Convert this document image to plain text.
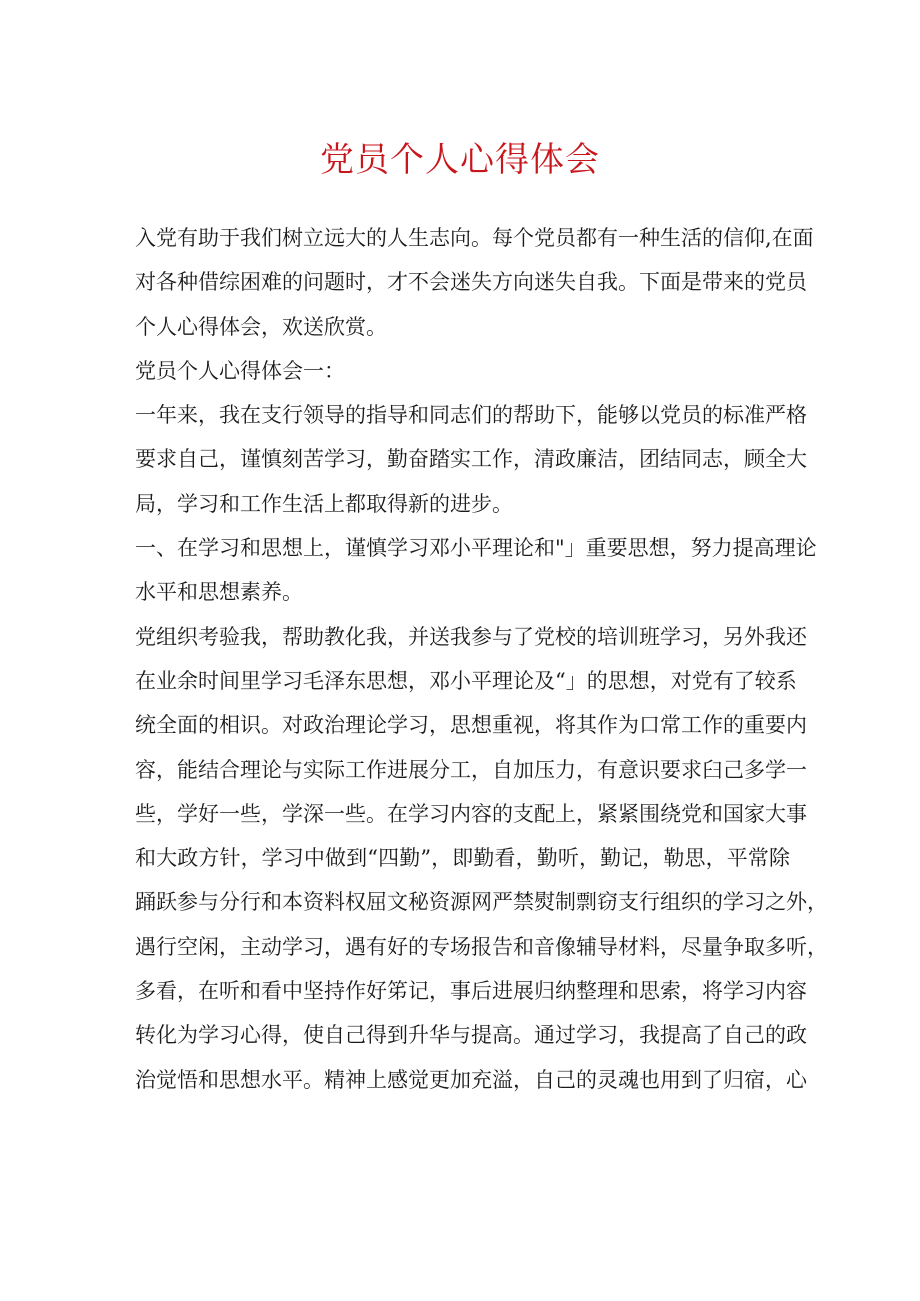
党员个人心得体会
入党有助于我们树立远大的人生志向。每个党员都有一种生活的信仰,在面
对各种借综困难的问题时，才不会迷失方向迷失自我。下面是带来的党员
个人心得体会，欢送欣赏。
党员个人心得体会一：
一年来，我在支行领导的指导和同志们的帮助下，能够以党员的标准严格
要求自己，谨慎刻苦学习，勤奋踏实工作，清政廉洁，团结同志，顾全大
局，学习和工作生活上都取得新的进步。
一、在学习和思想上，谨慎学习邓小平理论和"」重要思想，努力提高理论
水平和思想素养。
党组织考验我，帮助教化我，并送我参与了党校的培训班学习，另外我还
在业余时间里学习毛泽东思想，邓小平理论及“」的思想，对党有了较系
统全面的相识。对政治理论学习，思想重视，将其作为口常工作的重要内
容，能结合理论与实际工作进展分工，自加压力，有意识要求臼己多学一
些，学好一些，学深一些。在学习内容的支配上，紧紧围绕党和国家大事
和大政方针，学习中做到“四勤”，即勤看，勤听，勤记，勒思，平常除
踊跃参与分行和本资料权屈文秘资源网严禁熨制剽窃支行组织的学习之外，
遇行空闲，主动学习，遇有好的专场报告和音像辅导材料，尽量争取多听，
多看，在听和看中坚持作好笫记，事后进展归纳整理和思索，将学习内容
转化为学习心得，使自己得到升华与提高。通过学习，我提高了自己的政
治觉悟和思想水平。精神上感觉更加充溢，自己的灵魂也用到了归宿，心
